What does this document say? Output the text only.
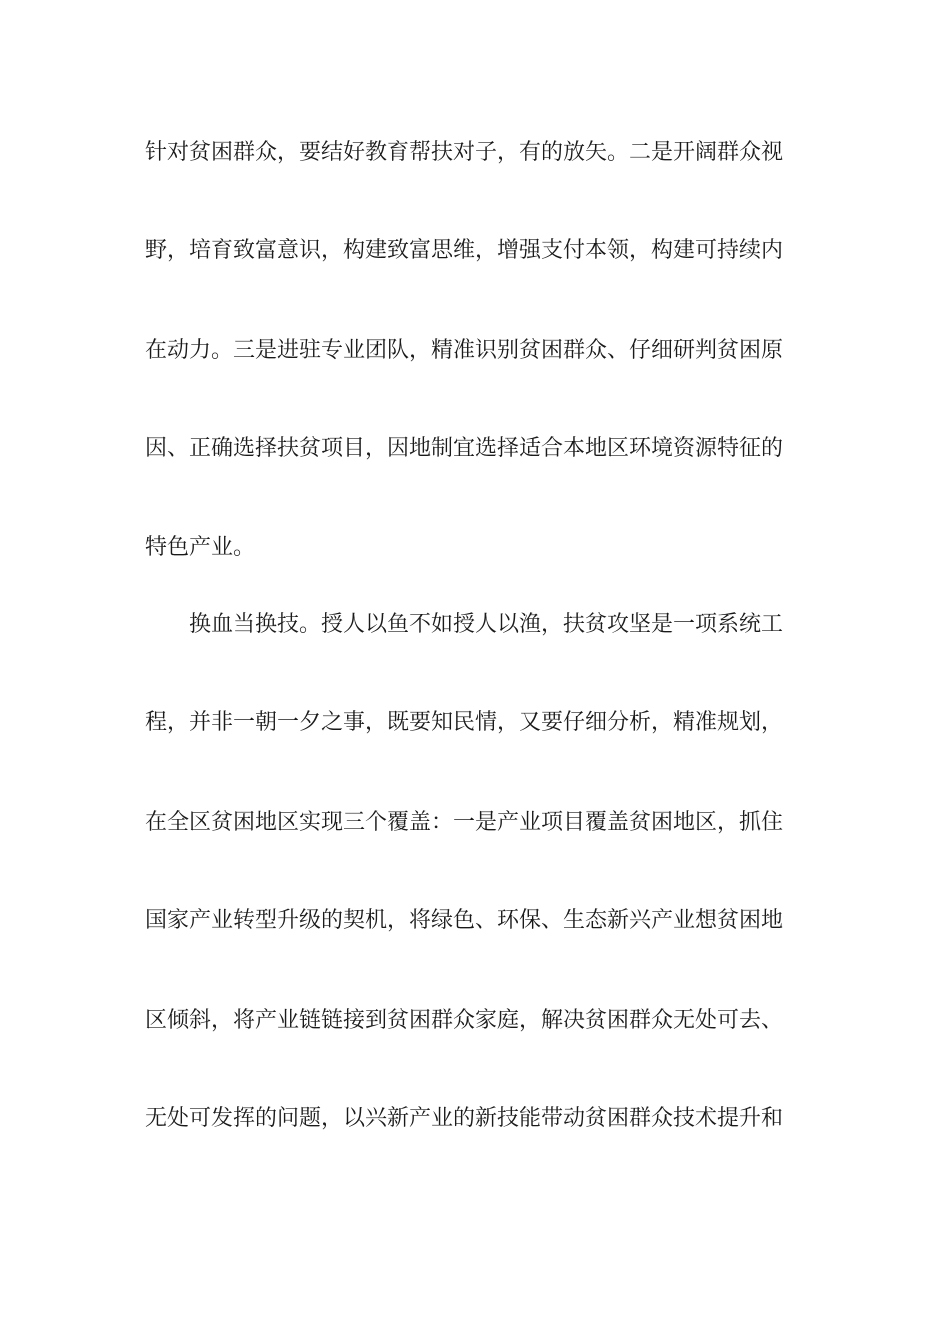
针对贫困群众，要结好教育帮扶对子，有的放矢。二是开阔群众视
野，培育致富意识，构建致富思维，增强支付本领，构建可持续内
在动力。三是进驻专业团队，精准识别贫困群众、仔细研判贫困原
因、正确选择扶贫项目，因地制宜选择适合本地区环境资源特征的
特色产业。
换血当换技。授人以鱼不如授人以渔，扶贫攻坚是一项系统工
程，并非一朝一夕之事，既要知民情，又要仔细分析，精准规划，
在全区贫困地区实现三个覆盖：一是产业项目覆盖贫困地区，抓住
国家产业转型升级的契机，将绿色、环保、生态新兴产业想贫困地
区倾斜，将产业链链接到贫困群众家庭，解决贫困群众无处可去、
无处可发挥的问题，以兴新产业的新技能带动贫困群众技术提升和
